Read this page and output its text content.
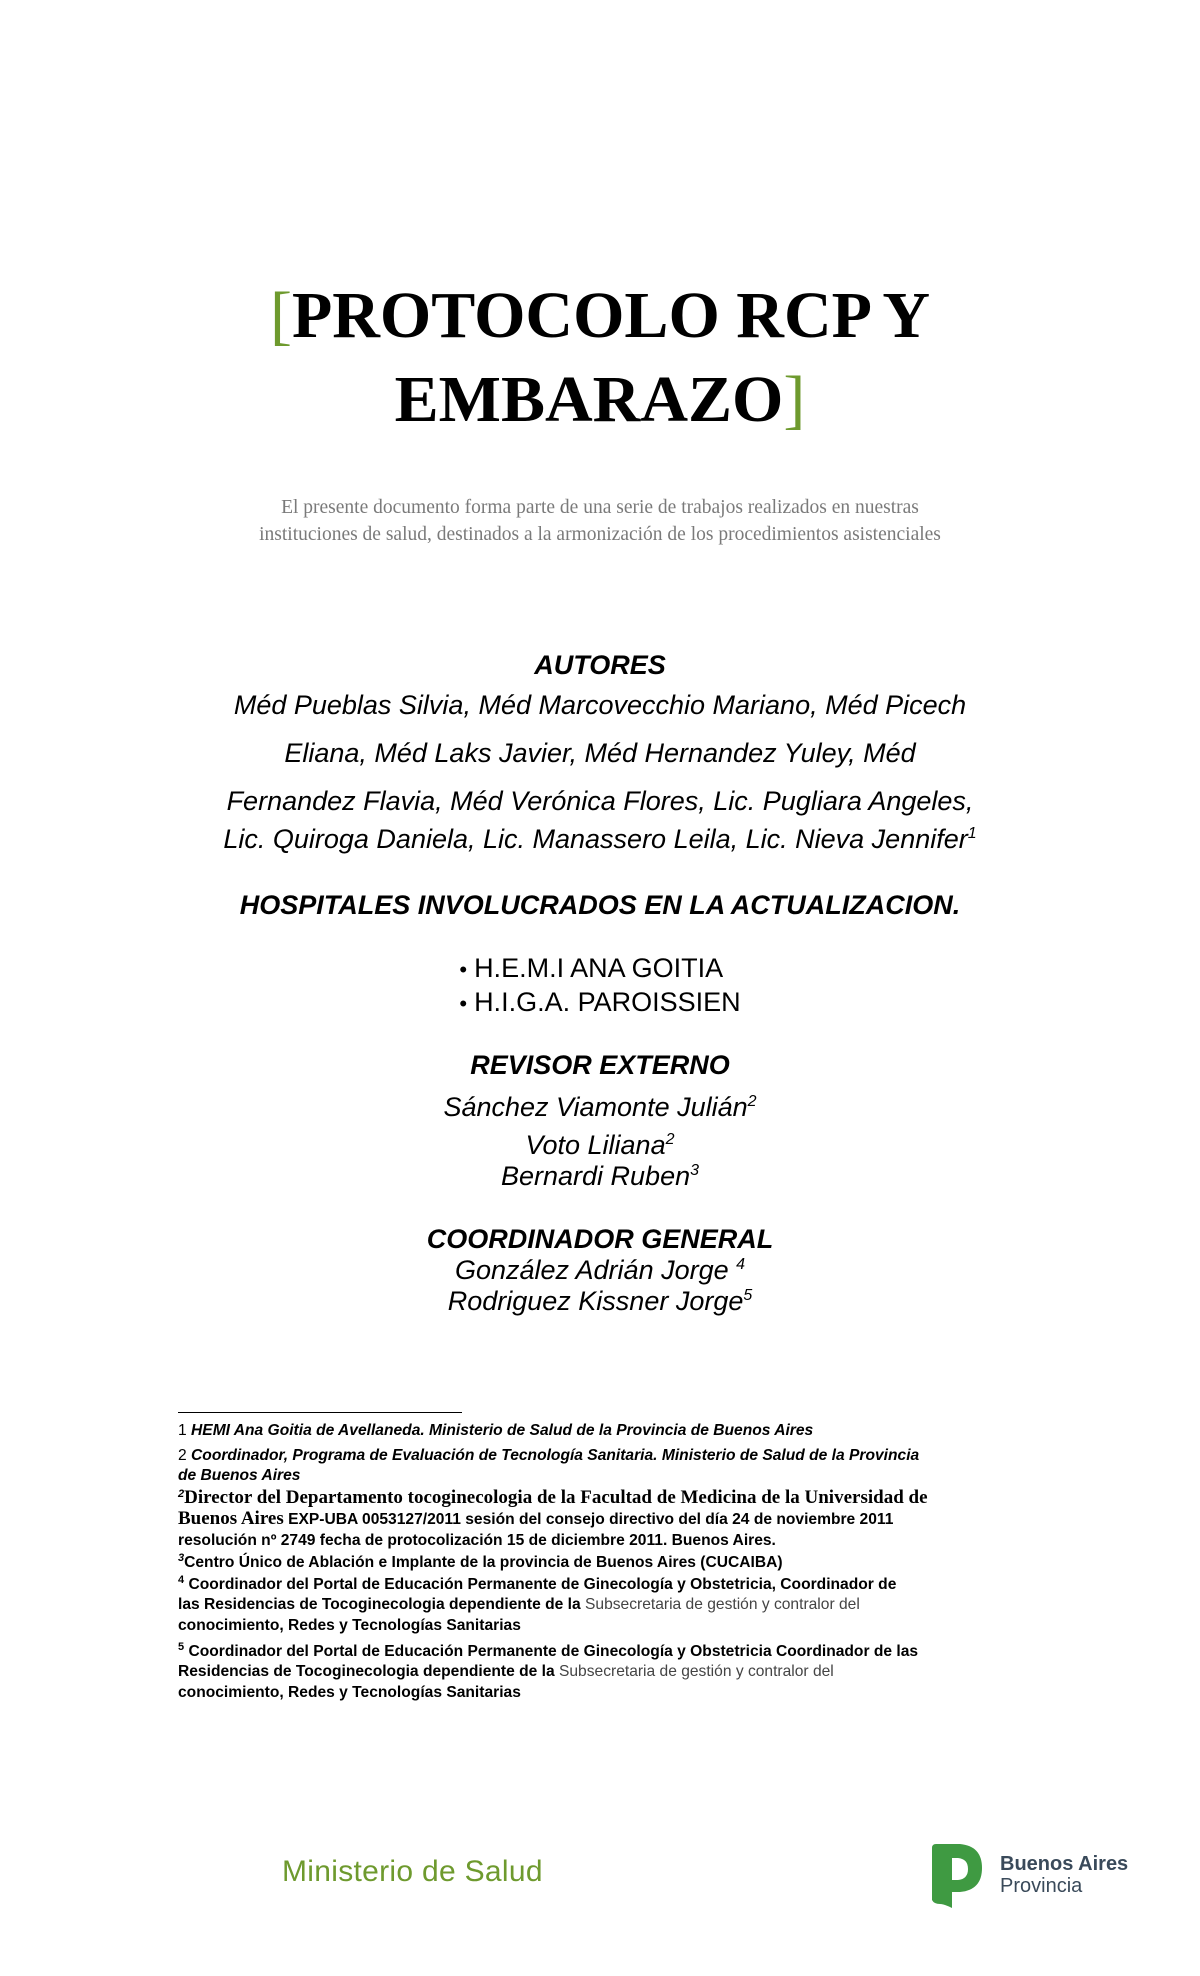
[PROTOCOLO RCP Y
EMBARAZO]
El presente documento forma parte de una serie de trabajos realizados en nuestras
instituciones de salud, destinados a la armonización de los procedimientos asistenciales
AUTORES
Méd Pueblas Silvia, Méd Marcovecchio Mariano, Méd Picech
Eliana, Méd Laks Javier, Méd Hernandez Yuley, Méd
Fernandez Flavia, Méd Verónica Flores, Lic. Pugliara Angeles,
Lic. Quiroga Daniela, Lic. Manassero Leila, Lic. Nieva Jennifer$^1$
HOSPITALES INVOLUCRADOS EN LA ACTUALIZACION.
• H.E.M.I ANA GOITIA
• H.I.G.A. PAROISSIEN
REVISOR EXTERNO
Sánchez Viamonte Julián$^2$
Voto Liliana$^2$
Bernardi Ruben$^3$
COORDINADOR GENERAL
González Adrián Jorge $^4$
Rodriguez Kissner Jorge$^5$
1 HEMI Ana Goitia de Avellaneda. Ministerio de Salud de la Provincia de Buenos Aires
2 Coordinador, Programa de Evaluación de Tecnología Sanitaria. Ministerio de Salud de la Provincia
de Buenos Aires
$^2$Director del Departamento tocoginecologia de la Facultad de Medicina de la Universidad de
Buenos Aires EXP-UBA 0053127/2011 sesión del consejo directivo del día 24 de noviembre 2011
resolución nº 2749 fecha de protocolización 15 de diciembre 2011. Buenos Aires.
$^3$Centro Único de Ablación e Implante de la provincia de Buenos Aires (CUCAIBA)
$^4$ Coordinador del Portal de Educación Permanente de Ginecología y Obstetricia, Coordinador de
las Residencias de Tocoginecologia dependiente de la Subsecretaria de gestión y contralor del
conocimiento, Redes y Tecnologías Sanitarias
$^5$ Coordinador del Portal de Educación Permanente de Ginecología y Obstetricia Coordinador de las
Residencias de Tocoginecologia dependiente de la Subsecretaria de gestión y contralor del
conocimiento, Redes y Tecnologías Sanitarias
Ministerio de Salud	Buenos Aires
Provincia
